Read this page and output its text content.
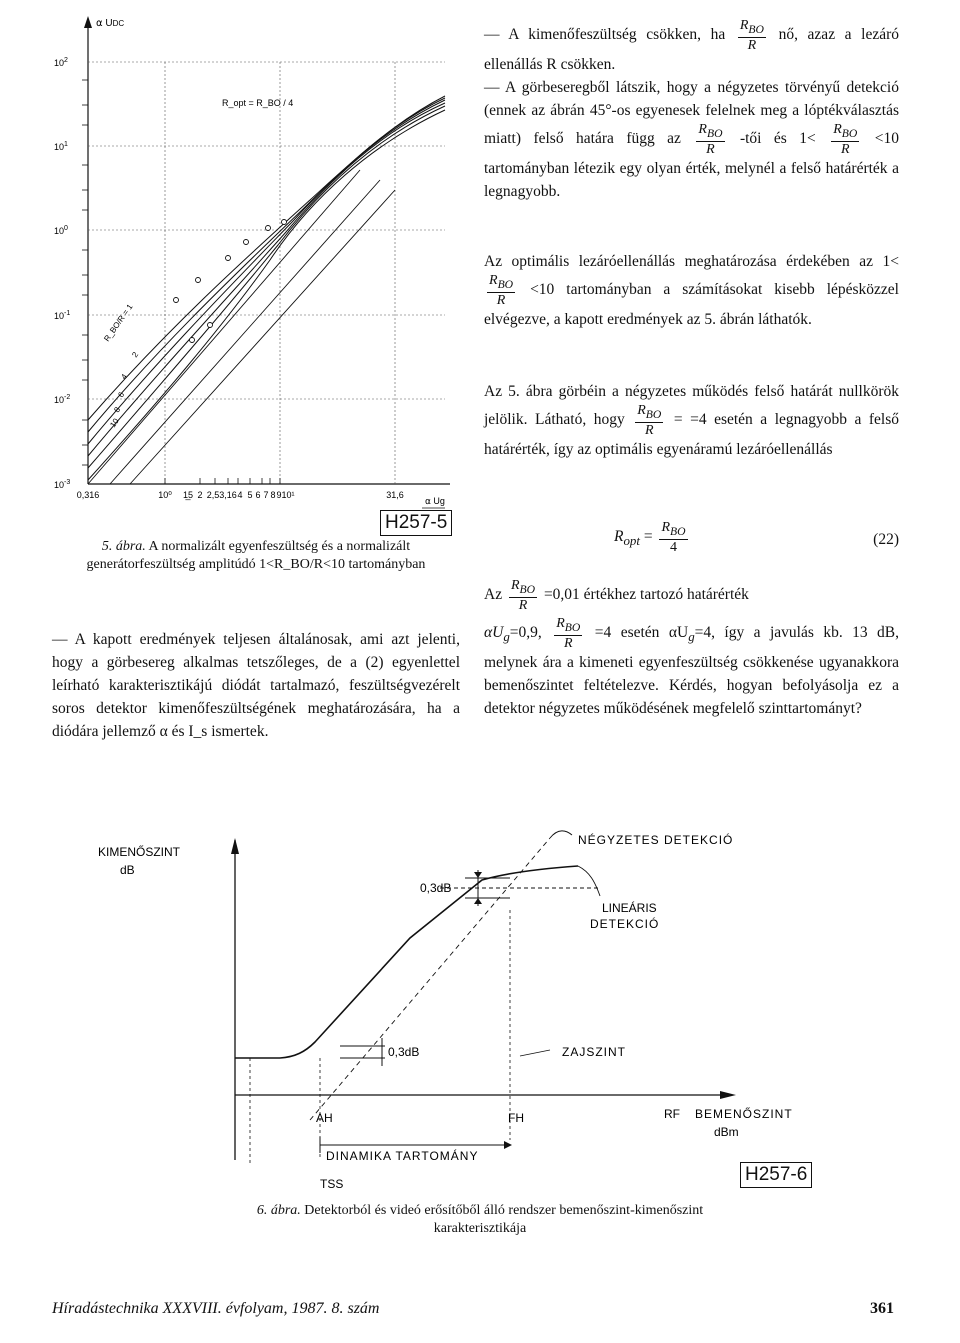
⍺ UDC
$10^2$
$10^1$
$10^0$
$10^{-1}$
$10^{-2}$
$10^{-3}$
0,316	10⁰ 1̲5 2 2,5 3,16 4 5 6 7 8 9 10¹	31,6
⍺ Ug
R_opt = R_BO / 4
R_BO/R = 1
2
4
6
8
10
H257-5
5. ábra. A normalizált egyenfeszültség és a normalizált generátorfeszültség amplitúdó 1<R_BO/R<10 tartományban
— A kapott eredmények teljesen általánosak, ami azt jelenti, hogy a görbesereg alkalmas tetszőleges, de a (2) egyenlettel leírható karakterisztikájú diódát tartalmazó, feszültségvezérelt soros detektor kimenőfeszültségének meghatározására, ha a diódára jellemző α és I_s ismertek.
— A kimenőfeszültség csökken, ha $\frac{R_{BO}}{R}$ nő, azaz a lezáró ellenállás R csökken.
— A görbeseregből látszik, hogy a négyzetes törvényű detekció (ennek az ábrán 45°-os egyenesek felelnek meg a lóptékválasztás miatt) felső határa függ az $\frac{R_{BO}}{R}$ -tői és $1< \frac{R_{BO}}{R} <10$ tartományban létezik egy olyan érték, melynél a felső határérték a legnagyobb.
Az optimális lezáróellenállás meghatározása érdekében az 1<
$\frac{R_{BO}}{R} <10$ tartományban a számításokat kisebb lépésközzel elvégezve, a kapott eredmények az 5. ábrán láthatók.
Az 5. ábra görbéin a négyzetes működés felső határát nullkörök jelölik. Látható, hogy $\frac{R_{BO}}{R} = =4$ esetén a legnagyobb a felső határérték, így az optimális egyenáramú lezáróellenállás
$R_{opt} = \frac{R_{BO}}{4}$	(22)
Az $\frac{R_{BO}}{R} =0,01$ értékhez tartozó határérték
$\alpha U_g=0,9$, $\frac{R_{BO}}{R} =4$ esetén $\alpha U_g=4$, így a javulás kb. 13 dB, melynek ára a kimeneti egyenfeszültség csökkenése ugyanakkora bemenőszintet feltételezve. Kérdés, hogyan befolyásolja ez a detektor négyzetes működésének megfelelő szinttartományt?
KIMENŐSZINT
dB
0,3dB
0,3dB
NÉGYZETES DETEKCIÓ
LINEÁRIS
DETEKCIÓ
ZAJSZINT
AH	FH	RF BEMENŐSZINT
dBm
DINAMIKA TARTOMÁNY
TSS	H257-6
6. ábra. Detektorból és videó erősítőből álló rendszer bemenőszint-kimenőszint karakterisztikája
Híradástechnika XXXVIII. évfolyam, 1987. 8. szám	361
